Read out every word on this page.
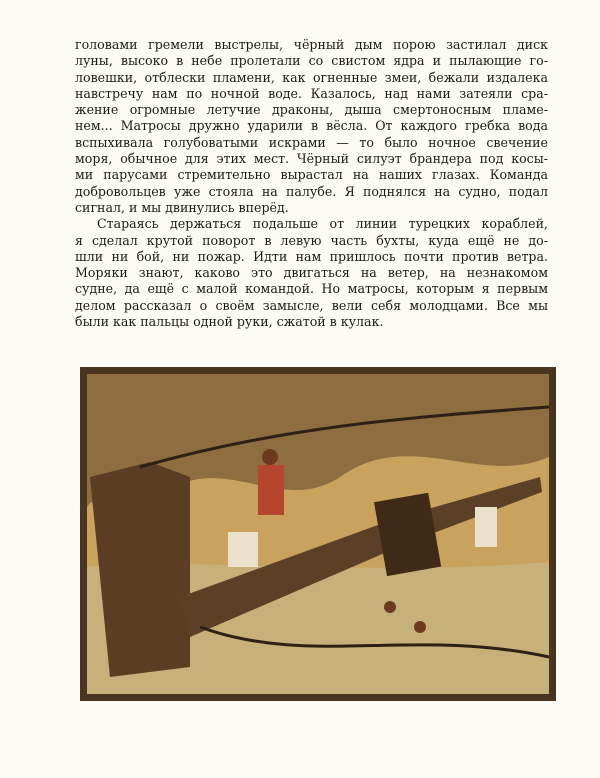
головами гремели выстрелы, чёрный дым порою застилал диск
луны, высоко в небе пролетали со свистом ядра и пылающие го-
ловешки, отблески пламени, как огненные змеи, бежали издалека
навстречу нам по ночной воде. Казалось, над нами затеяли сра-
жение огромные летучие драконы, дыша смертоносным пламе-
нем... Матросы дружно ударили в вёсла. От каждого гребка вода
вспыхивала голубоватыми искрами — то было ночное свечение
моря, обычное для этих мест. Чёрный силуэт брандера под косы-
ми парусами стремительно вырастал на наших глазах. Команда
добровольцев уже стояла на палубе. Я поднялся на судно, подал
сигнал, и мы двинулись вперёд.
Стараясь держаться подальше от линии турецких кораблей,
я сделал крутой поворот в левую часть бухты, куда ещё не до-
шли ни бой, ни пожар. Идти нам пришлось почти против ветра.
Моряки знают, каково это двигаться на ветер, на незнакомом
судне, да ещё с малой командой. Но матросы, которым я первым
делом рассказал о своём замысле, вели себя молодцами. Все мы
были как пальцы одной руки, сжатой в кулак.
